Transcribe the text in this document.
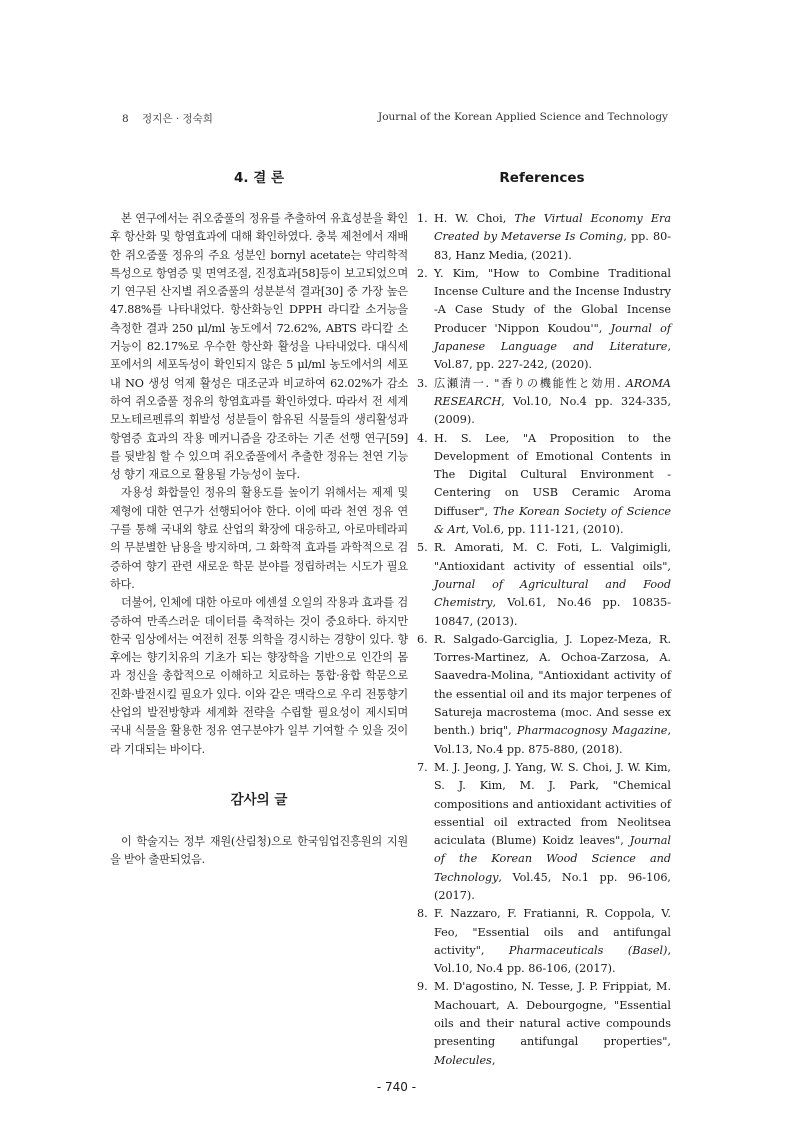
8 정지은 · 정숙희	Journal of the Korean Applied Science and Technology
4. 결 론

본 연구에서는 쥐오줌풀의 정유를 추출하여 유효성분을 확인 후 항산화 및 항염효과에 대해 확인하였다. 충북 제천에서 재배한 쥐오줌풀 정유의 주요 성분인 bornyl acetate는 약리학적 특성으로 항염증 및 면역조절, 진정효과[58]등이 보고되었으며 기 연구된 산지별 쥐오줌풀의 성분분석 결과[30] 중 가장 높은 47.88%를 나타내었다. 항산화능인 DPPH 라디칼 소거능을 측정한 결과 250 μl/ml 농도에서 72.62%, ABTS 라디칼 소거능이 82.17%로 우수한 항산화 활성을 나타내었다. 대식세포에서의 세포독성이 확인되지 않은 5 μl/ml 농도에서의 세포 내 NO 생성 억제 활성은 대조군과 비교하여 62.02%가 감소하여 쥐오줌풀 정유의 항염효과를 확인하였다. 따라서 전 세계 모노테르펜류의 휘발성 성분들이 함유된 식물들의 생리활성과 항염증 효과의 작용 메커니즘을 강조하는 기존 선행 연구[59]를 뒷받침 할 수 있으며 쥐오줌풀에서 추출한 정유는 천연 기능성 향기 재료으로 활용될 가능성이 높다.

자용성 화합물인 정유의 활용도를 높이기 위해서는 제제 및 제형에 대한 연구가 선행되어야 한다. 이에 따라 천연 정유 연구를 통해 국내외 향료 산업의 확장에 대응하고, 아로마테라피의 무분별한 남용을 방지하며, 그 화학적 효과를 과학적으로 검증하여 향기 관련 새로운 학문 분야를 정립하려는 시도가 필요하다.

더불어, 인체에 대한 아로마 에센셜 오일의 작용과 효과를 검증하여 만족스러운 데이터를 축적하는 것이 중요하다. 하지만 한국 임상에서는 여전히 전통 의학을 경시하는 경향이 있다. 향후에는 향기치유의 기초가 되는 향장학을 기반으로 인간의 몸과 정신을 총합적으로 이해하고 치료하는 통합·융합 학문으로 진화·발전시킬 필요가 있다. 이와 같은 맥락으로 우리 전통향기 산업의 발전방향과 세계화 전략을 수립할 필요성이 제시되며 국내 식물을 활용한 정유 연구분야가 일부 기여할 수 있을 것이라 기대되는 바이다.

감사의 글

이 학술지는 정부 재원(산림청)으로 한국임업진흥원의 지원을 받아 출판되었음.

References
1. H. W. Choi, The Virtual Economy Era Created by Metaverse Is Coming, pp. 80-83, Hanz Media, (2021).
2. Y. Kim, "How to Combine Traditional Incense Culture and the Incense Industry -A Case Study of the Global Incense Producer 'Nippon Koudou'", Journal of Japanese Language and Literature, Vol.87, pp. 227-242, (2020).
3. 広瀬清一. "香りの機能性と効用. AROMA RESEARCH, Vol.10, No.4 pp. 324-335, (2009).
4. H. S. Lee, "A Proposition to the Development of Emotional Contents in The Digital Cultural Environment - Centering on USB Ceramic Aroma Diffuser", The Korean Society of Science & Art, Vol.6, pp. 111-121, (2010).
5. R. Amorati, M. C. Foti, L. Valgimigli, "Antioxidant activity of essential oils", Journal of Agricultural and Food Chemistry, Vol.61, No.46 pp. 10835-10847, (2013).
6. R. Salgado-Garciglia, J. Lopez-Meza, R. Torres-Martinez, A. Ochoa-Zarzosa, A. Saavedra-Molina, "Antioxidant activity of the essential oil and its major terpenes of Satureja macrostema (moc. And sesse ex benth.) briq", Pharmacognosy Magazine, Vol.13, No.4 pp. 875-880, (2018).
7. M. J. Jeong, J. Yang, W. S. Choi, J. W. Kim, S. J. Kim, M. J. Park, "Chemical compositions and antioxidant activities of essential oil extracted from Neolitsea aciculata (Blume) Koidz leaves", Journal of the Korean Wood Science and Technology, Vol.45, No.1 pp. 96-106, (2017).
8. F. Nazzaro, F. Fratianni, R. Coppola, V. Feo, "Essential oils and antifungal activity", Pharmaceuticals (Basel), Vol.10, No.4 pp. 86-106, (2017).
9. M. D'agostino, N. Tesse, J. P. Frippiat, M. Machouart, A. Debourgogne, "Essential oils and their natural active compounds presenting antifungal properties", Molecules,
- 740 -
